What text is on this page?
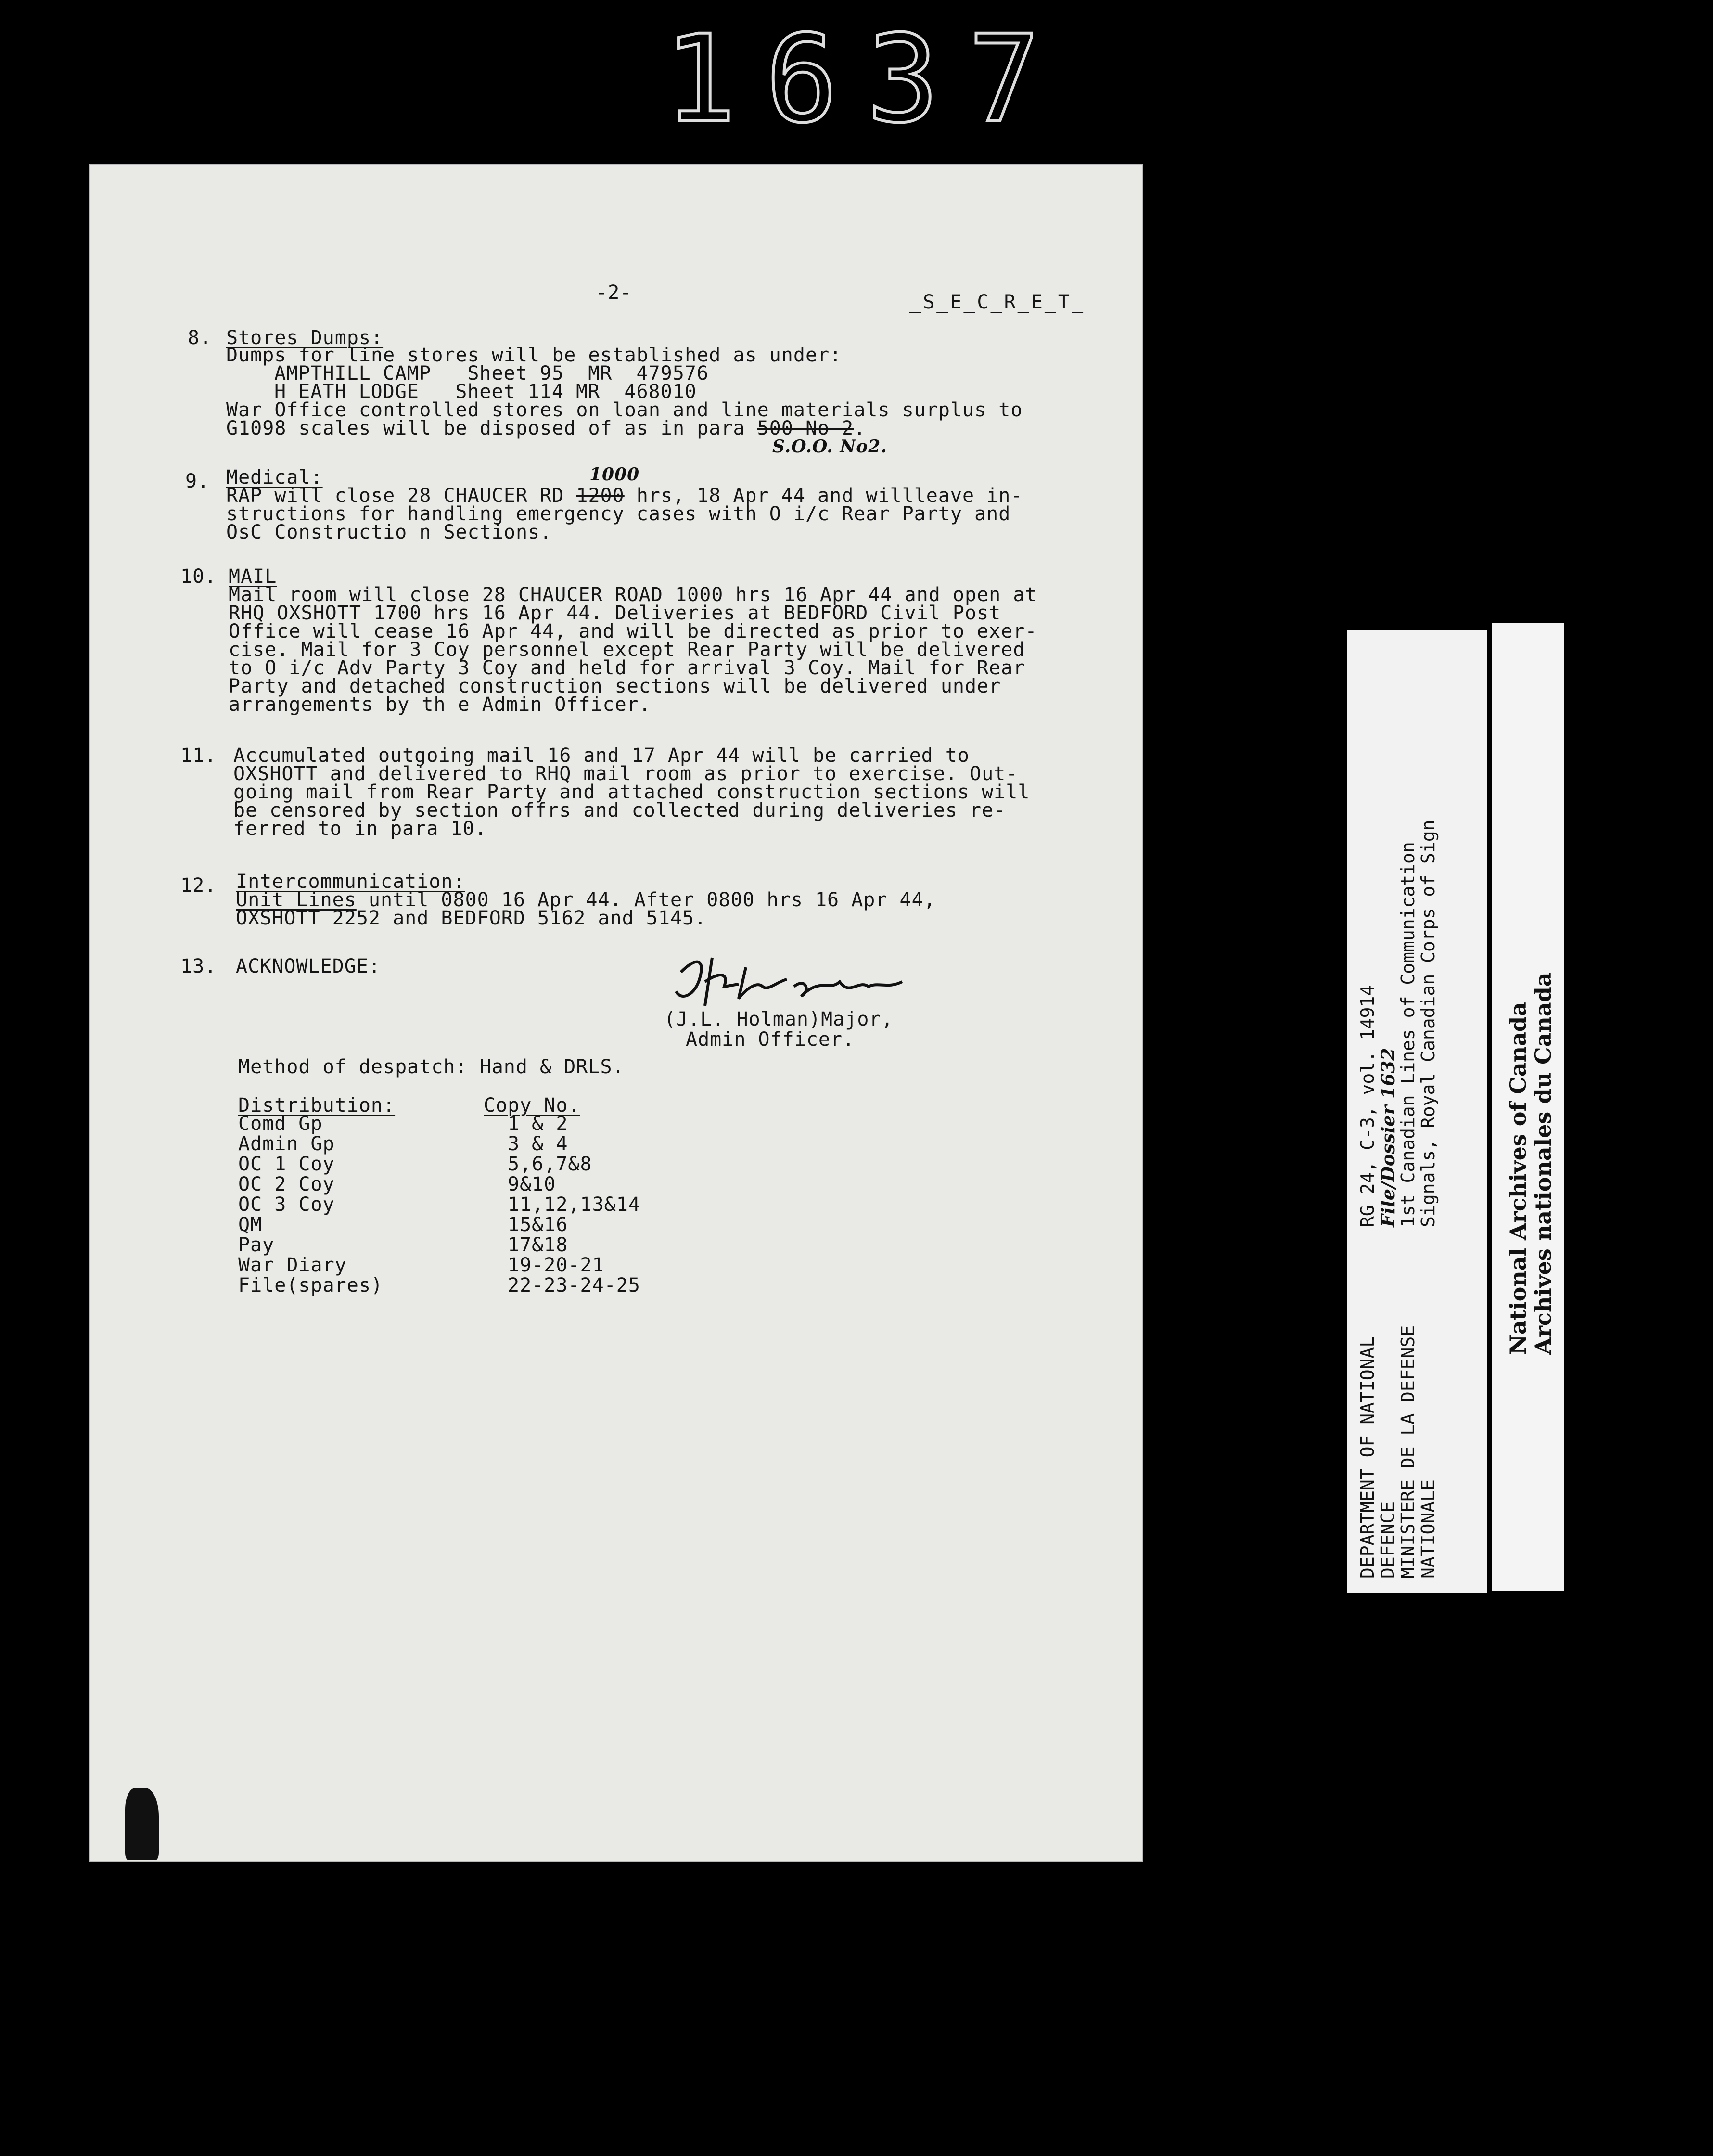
1637
-2-	_S_E_C_R_E_T_
8. Stores Dumps:
Dumps for line stores will be established as under:
AMPTHILL CAMP   Sheet 95  MR  479576
H EATH LODGE   Sheet 114 MR  468010
War Office controlled stores on loan and line materials surplus to
G1098 scales will be disposed of as in para 500 No 2.
S.O.O. No2.
9. Medical:	1000
RAP will close 28 CHAUCER RD 1200 hrs, 18 Apr 44 and willleave in-
structions for handling emergency cases with O i/c Rear Party and
OsC Constructio n Sections.
10. MAIL
Mail room will close 28 CHAUCER ROAD 1000 hrs 16 Apr 44 and open at
RHQ OXSHOTT 1700 hrs 16 Apr 44. Deliveries at BEDFORD Civil Post
Office will cease 16 Apr 44, and will be directed as prior to exer-
cise. Mail for 3 Coy personnel except Rear Party will be delivered
to O i/c Adv Party 3 Coy and held for arrival 3 Coy. Mail for Rear
Party and detached construction sections will be delivered under
arrangements by th e Admin Officer.
11. Accumulated outgoing mail 16 and 17 Apr 44 will be carried to
OXSHOTT and delivered to RHQ mail room as prior to exercise. Out-
going mail from Rear Party and attached construction sections will
be censored by section offrs and collected during deliveries re-
ferred to in para 10.
12. Intercommunication:
Unit Lines until 0800 16 Apr 44. After 0800 hrs 16 Apr 44,
OXSHOTT 2252 and BEDFORD 5162 and 5145.
13. ACKNOWLEDGE:
(J.L. Holman)Major,
Admin Officer.
Method of despatch: Hand & DRLS.
Distribution:	Copy No.
Comd Gp	1 & 2
Admin Gp	3 & 4
OC 1 Coy	5,6,7&8
OC 2 Coy	9&10
OC 3 Coy	11,12,13&14
QM	15&16
Pay	17&18
War Diary	19-20-21
File(spares)	22-23-24-25
DEPARTMENT OF NATIONAL
DEFENCE
MINISTERE DE LA DEFENSE
NATIONALE
RG 24, C-3, vol. 14914
File/Dossier 1632
1st Canadian Lines of Communication
Signals, Royal Canadian Corps of Sign	National Archives of Canada
Archives nationales du Canada
